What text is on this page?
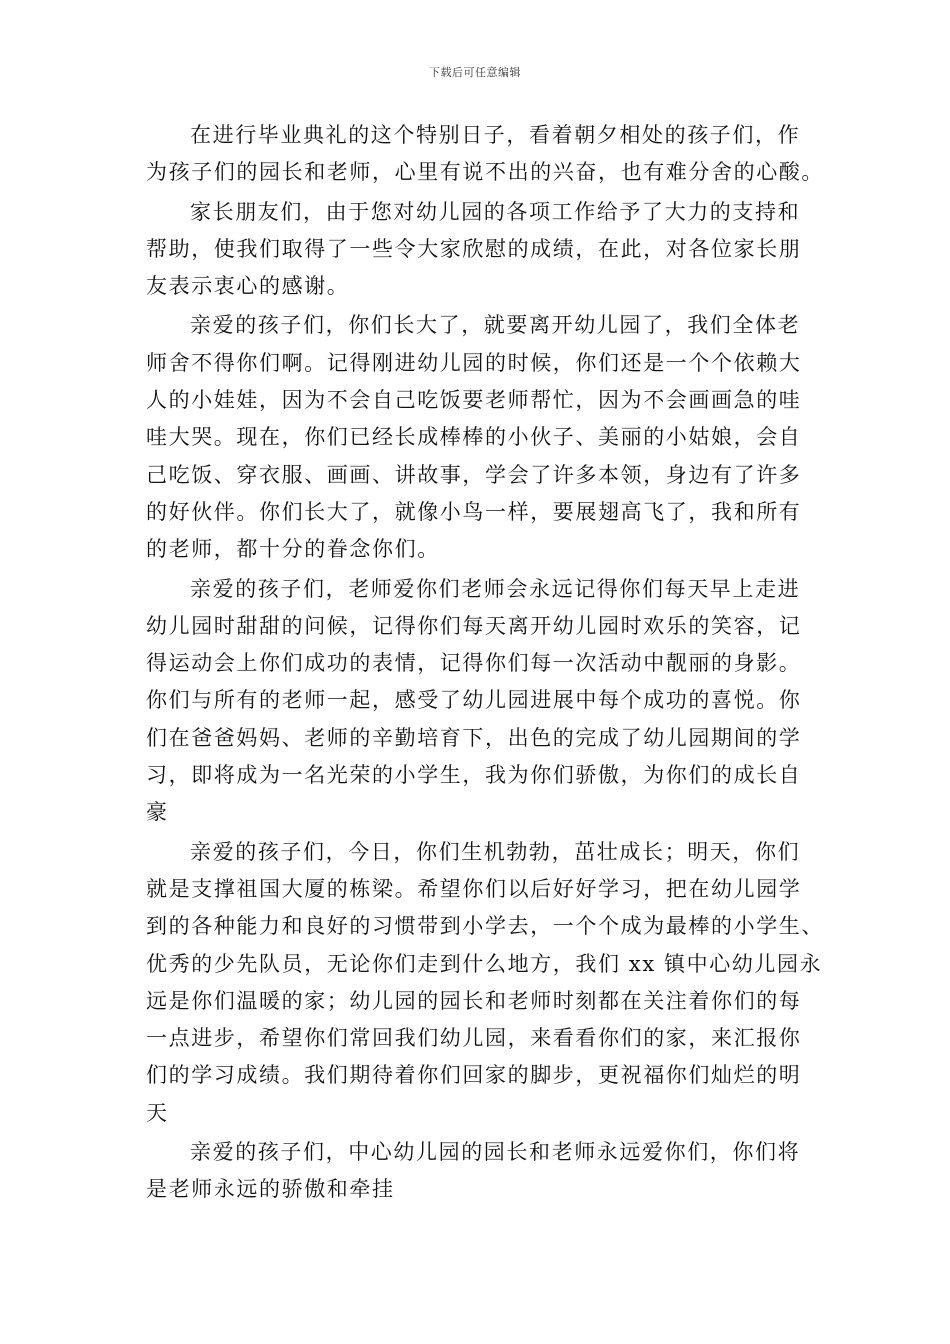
下载后可任意编辑
在进行毕业典礼的这个特别日子，看着朝夕相处的孩子们，作
为孩子们的园长和老师，心里有说不出的兴奋，也有难分舍的心酸。
家长朋友们，由于您对幼儿园的各项工作给予了大力的支持和
帮助，使我们取得了一些令大家欣慰的成绩，在此，对各位家长朋
友表示衷心的感谢。
亲爱的孩子们，你们长大了，就要离开幼儿园了，我们全体老
师舍不得你们啊。记得刚进幼儿园的时候，你们还是一个个依赖大
人的小娃娃，因为不会自己吃饭要老师帮忙，因为不会画画急的哇
哇大哭。现在，你们已经长成棒棒的小伙子、美丽的小姑娘，会自
己吃饭、穿衣服、画画、讲故事，学会了许多本领，身边有了许多
的好伙伴。你们长大了，就像小鸟一样，要展翅高飞了，我和所有
的老师，都十分的眷念你们。
亲爱的孩子们，老师爱你们老师会永远记得你们每天早上走进
幼儿园时甜甜的问候，记得你们每天离开幼儿园时欢乐的笑容，记
得运动会上你们成功的表情，记得你们每一次活动中靓丽的身影。
你们与所有的老师一起，感受了幼儿园进展中每个成功的喜悦。你
们在爸爸妈妈、老师的辛勤培育下，出色的完成了幼儿园期间的学
习，即将成为一名光荣的小学生，我为你们骄傲，为你们的成长自
豪
亲爱的孩子们，今日，你们生机勃勃，茁壮成长；明天，你们
就是支撑祖国大厦的栋梁。希望你们以后好好学习，把在幼儿园学
到的各种能力和良好的习惯带到小学去，一个个成为最棒的小学生、
优秀的少先队员，无论你们走到什么地方，我们 xx 镇中心幼儿园永
远是你们温暖的家；幼儿园的园长和老师时刻都在关注着你们的每
一点进步，希望你们常回我们幼儿园，来看看你们的家，来汇报你
们的学习成绩。我们期待着你们回家的脚步，更祝福你们灿烂的明
天
亲爱的孩子们，中心幼儿园的园长和老师永远爱你们，你们将
是老师永远的骄傲和牵挂
